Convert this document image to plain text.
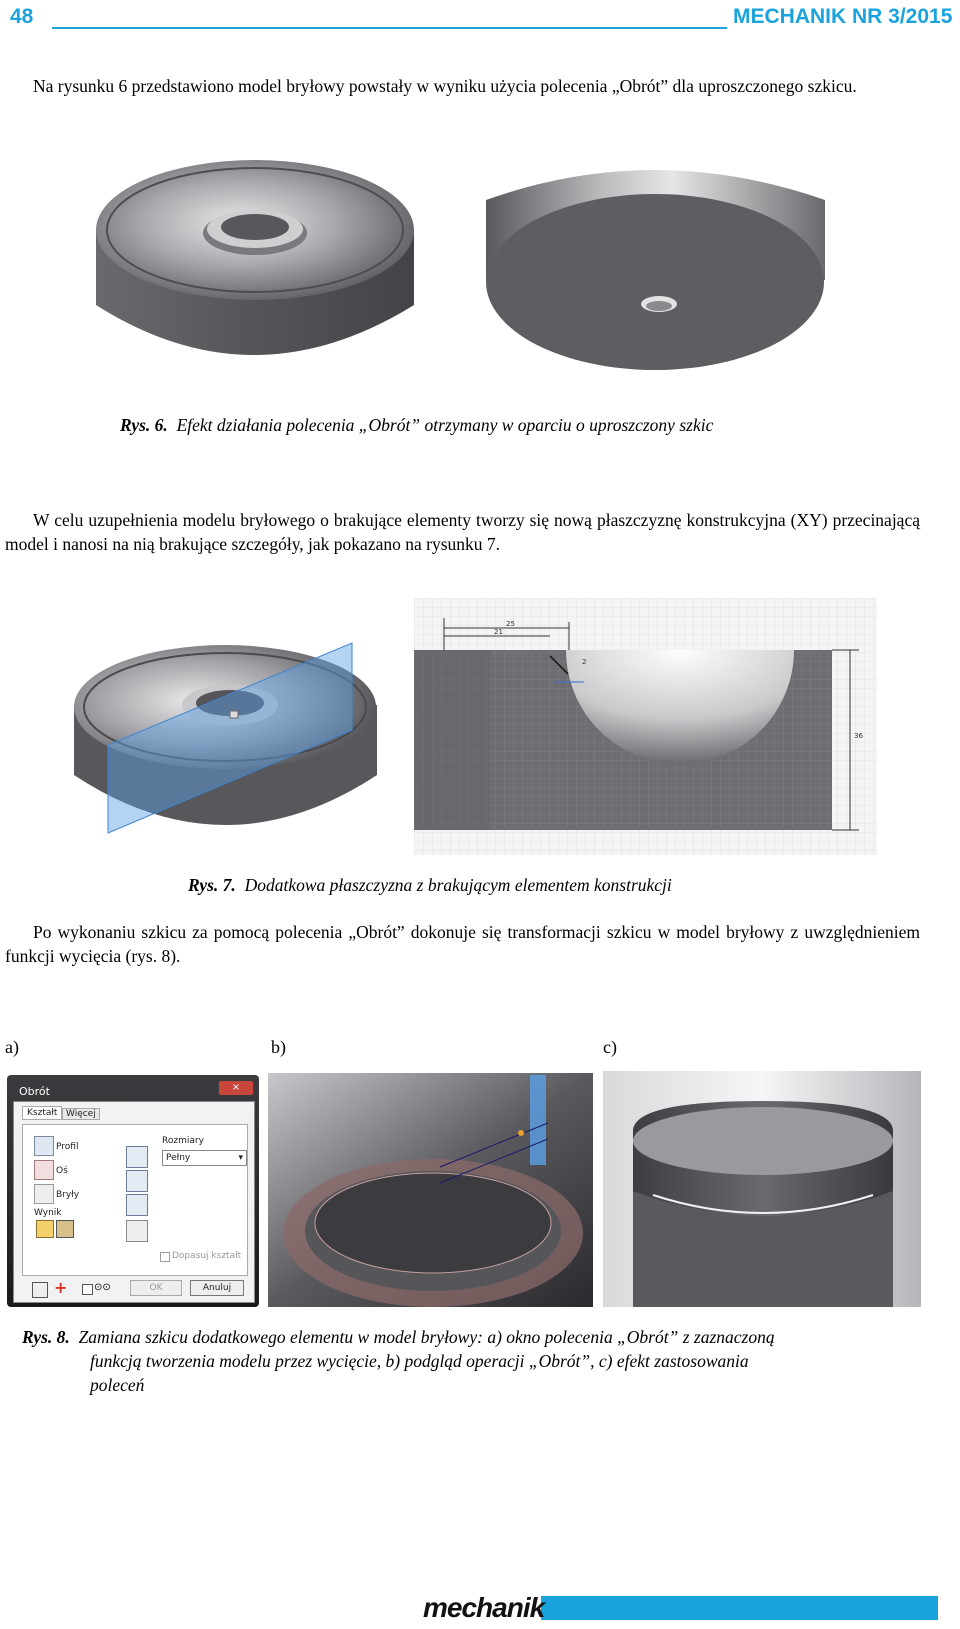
48	MECHANIK NR 3/2015
Na rysunku 6 przedstawiono model bryłowy powstały w wyniku użycia polecenia „Obrót” dla uproszczonego szkicu.
Rys. 6. Efekt działania polecenia „Obrót” otrzymany w oparciu o uproszczony szkic
W celu uzupełnienia modelu bryłowego o brakujące elementy tworzy się nową płaszczyznę konstrukcyjna (XY) przecinającą model i nanosi na nią brakujące szczegóły, jak pokazano na rysunku 7.
25
21
2
36
Rys. 7. Dodatkowa płaszczyzna z brakującym elementem konstrukcji
Po wykonaniu szkicu za pomocą polecenia „Obrót” dokonuje się transformacji szkicu w model bryłowy z uwzględnieniem funkcji wycięcia (rys. 8).
a)	b)	c)
Obrót	×
Kształt Więcej
Profil
Oś
Bryły
Wynik
Rozmiary
Pełny	▾
Dopasuj kształt
+	⊙⊙	OK	Anuluj
Rys. 8. Zamiana szkicu dodatkowego elementu w model bryłowy: a) okno polecenia „Obrót” z zaznaczoną
funkcją tworzenia modelu przez wycięcie, b) podgląd operacji „Obrót”, c) efekt zastosowania
poleceń
mechanik
